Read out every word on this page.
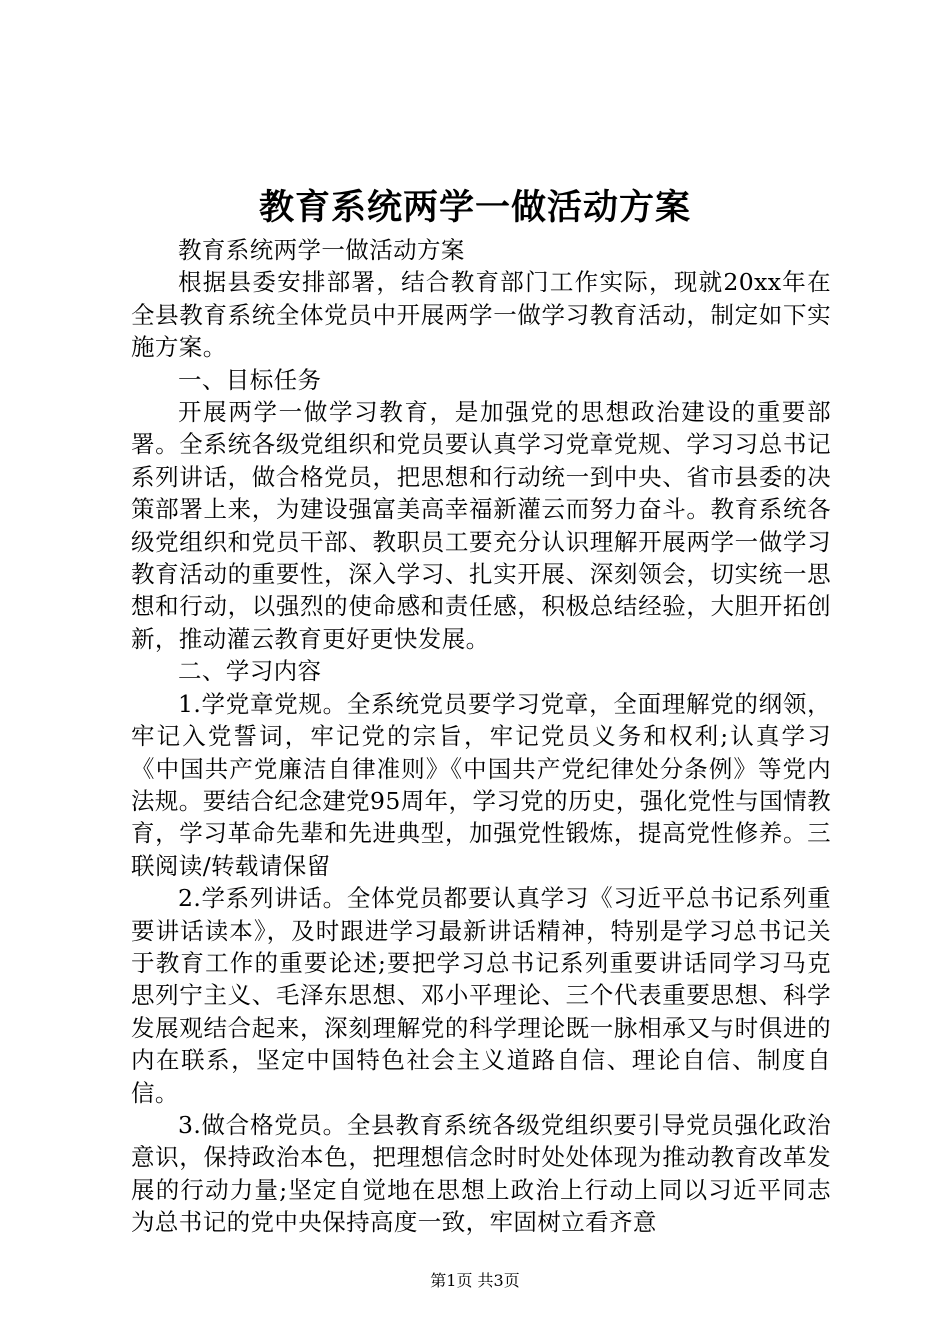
教育系统两学一做活动方案

教育系统两学一做活动方案

根据县委安排部署，结合教育部门工作实际，现就20xx年在全县教育系统全体党员中开展两学一做学习教育活动，制定如下实施方案。

一、目标任务

开展两学一做学习教育，是加强党的思想政治建设的重要部署。全系统各级党组织和党员要认真学习党章党规、学习习总书记系列讲话，做合格党员，把思想和行动统一到中央、省市县委的决策部署上来，为建设强富美高幸福新灌云而努力奋斗。教育系统各级党组织和党员干部、教职员工要充分认识理解开展两学一做学习教育活动的重要性，深入学习、扎实开展、深刻领会，切实统一思想和行动，以强烈的使命感和责任感，积极总结经验，大胆开拓创新，推动灌云教育更好更快发展。

二、学习内容

1.学党章党规。全系统党员要学习党章，全面理解党的纲领，牢记入党誓词，牢记党的宗旨，牢记党员义务和权利;认真学习《中国共产党廉洁自律准则》《中国共产党纪律处分条例》等党内法规。要结合纪念建党95周年，学习党的历史，强化党性与国情教育，学习革命先辈和先进典型，加强党性锻炼，提高党性修养。三联阅读/转载请保留

2.学系列讲话。全体党员都要认真学习《习近平总书记系列重要讲话读本》，及时跟进学习最新讲话精神，特别是学习总书记关于教育工作的重要论述;要把学习总书记系列重要讲话同学习马克思列宁主义、毛泽东思想、邓小平理论、三个代表重要思想、科学发展观结合起来，深刻理解党的科学理论既一脉相承又与时俱进的内在联系，坚定中国特色社会主义道路自信、理论自信、制度自信。

3.做合格党员。全县教育系统各级党组织要引导党员强化政治意识，保持政治本色，把理想信念时时处处体现为推动教育改革发展的行动力量;坚定自觉地在思想上政治上行动上同以习近平同志为总书记的党中央保持高度一致，牢固树立看齐意

第1页 共3页
